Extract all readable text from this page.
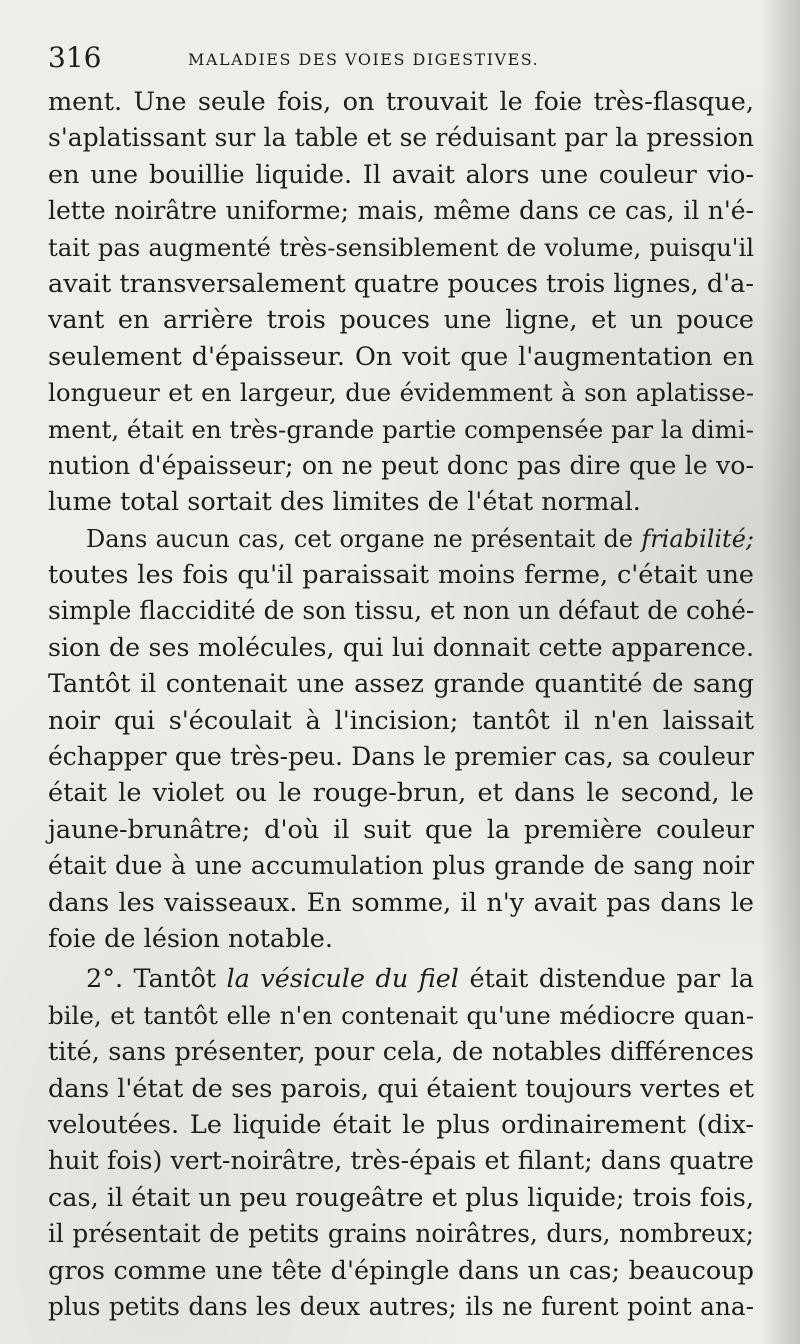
316	MALADIES DES VOIES DIGESTIVES.
ment. Une seule fois, on trouvait le foie très-flasque,
s'aplatissant sur la table et se réduisant par la pression
en une bouillie liquide. Il avait alors une couleur vio-
lette noirâtre uniforme; mais, même dans ce cas, il n'é-
tait pas augmenté très-sensiblement de volume, puisqu'il
avait transversalement quatre pouces trois lignes, d'a-
vant en arrière trois pouces une ligne, et un pouce
seulement d'épaisseur. On voit que l'augmentation en
longueur et en largeur, due évidemment à son aplatisse-
ment, était en très-grande partie compensée par la dimi-
nution d'épaisseur; on ne peut donc pas dire que le vo-
lume total sortait des limites de l'état normal.
Dans aucun cas, cet organe ne présentait de friabilité;
toutes les fois qu'il paraissait moins ferme, c'était une
simple flaccidité de son tissu, et non un défaut de cohé-
sion de ses molécules, qui lui donnait cette apparence.
Tantôt il contenait une assez grande quantité de sang
noir qui s'écoulait à l'incision; tantôt il n'en laissait
échapper que très-peu. Dans le premier cas, sa couleur
était le violet ou le rouge-brun, et dans le second, le
jaune-brunâtre; d'où il suit que la première couleur
était due à une accumulation plus grande de sang noir
dans les vaisseaux. En somme, il n'y avait pas dans le
foie de lésion notable.
2°. Tantôt la vésicule du fiel était distendue par la
bile, et tantôt elle n'en contenait qu'une médiocre quan-
tité, sans présenter, pour cela, de notables différences
dans l'état de ses parois, qui étaient toujours vertes et
veloutées. Le liquide était le plus ordinairement (dix-
huit fois) vert-noirâtre, très-épais et filant; dans quatre
cas, il était un peu rougeâtre et plus liquide; trois fois,
il présentait de petits grains noirâtres, durs, nombreux;
gros comme une tête d'épingle dans un cas; beaucoup
plus petits dans les deux autres; ils ne furent point ana-
